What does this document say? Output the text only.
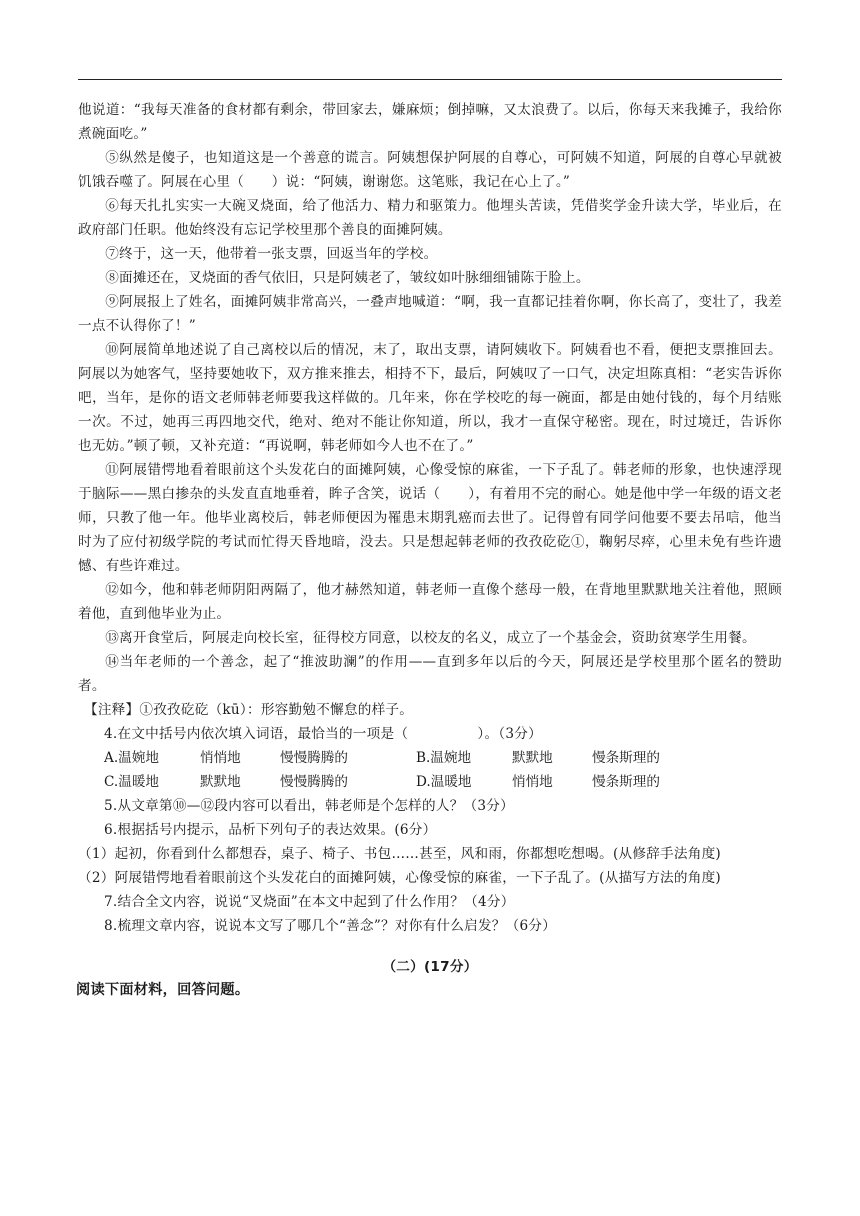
他说道：“我每天准备的食材都有剩余，带回家去，嫌麻烦；倒掉嘛，又太浪费了。以后，你每天来我摊子，我给你煮碗面吃。”

⑤纵然是傻子，也知道这是一个善意的谎言。阿姨想保护阿展的自尊心，可阿姨不知道，阿展的自尊心早就被饥饿吞噬了。阿展在心里（　　）说：“阿姨，谢谢您。这笔账，我记在心上了。”

⑥每天扎扎实实一大碗叉烧面，给了他活力、精力和驱策力。他埋头苦读，凭借奖学金升读大学，毕业后，在政府部门任职。他始终没有忘记学校里那个善良的面摊阿姨。

⑦终于，这一天，他带着一张支票，回返当年的学校。

⑧面摊还在，叉烧面的香气依旧，只是阿姨老了，皱纹如叶脉细细铺陈于脸上。

⑨阿展报上了姓名，面摊阿姨非常高兴，一叠声地喊道：“啊，我一直都记挂着你啊，你长高了，变壮了，我差一点不认得你了！”

⑩阿展简单地述说了自己离校以后的情况，末了，取出支票，请阿姨收下。阿姨看也不看，便把支票推回去。阿展以为她客气，坚持要她收下，双方推来推去，相持不下，最后，阿姨叹了一口气，决定坦陈真相：“老实告诉你吧，当年，是你的语文老师韩老师要我这样做的。几年来，你在学校吃的每一碗面，都是由她付钱的，每个月结账一次。不过，她再三再四地交代，绝对、绝对不能让你知道，所以，我才一直保守秘密。现在，时过境迁，告诉你也无妨。”顿了顿，又补充道：“再说啊，韩老师如今人也不在了。”

⑪阿展错愕地看着眼前这个头发花白的面摊阿姨，心像受惊的麻雀，一下子乱了。韩老师的形象，也快速浮现于脑际——黑白掺杂的头发直直地垂着，眸子含笑，说话（　　），有着用不完的耐心。她是他中学一年级的语文老师，只教了他一年。他毕业离校后，韩老师便因为罹患末期乳癌而去世了。记得曾有同学问他要不要去吊唁，他当时为了应付初级学院的考试而忙得天昏地暗，没去。只是想起韩老师的孜孜矻矻①，鞠躬尽瘁，心里未免有些许遗憾、有些许难过。

⑫如今，他和韩老师阴阳两隔了，他才赫然知道，韩老师一直像个慈母一般，在背地里默默地关注着他，照顾着他，直到他毕业为止。

⑬离开食堂后，阿展走向校长室，征得校方同意，以校友的名义，成立了一个基金会，资助贫寒学生用餐。

⑭当年老师的一个善念，起了“推波助澜”的作用——直到多年以后的今天，阿展还是学校里那个匿名的赞助者。

【注释】①孜孜矻矻（kū）：形容勤勉不懈怠的样子。

4.在文中括号内依次填入词语，最恰当的一项是（　　　　　）。（3分）

A.温婉地	悄悄地	慢慢腾腾的	B.温婉地	默默地	慢条斯理的
C.温暖地	默默地	慢慢腾腾的	D.温暖地	悄悄地	慢条斯理的

5.从文章第⑩—⑫段内容可以看出，韩老师是个怎样的人？（3分）

6.根据括号内提示，品析下列句子的表达效果。(6分）

（1）起初，你看到什么都想吞，桌子、椅子、书包……甚至，风和雨，你都想吃想喝。(从修辞手法角度)

（2）阿展错愕地看着眼前这个头发花白的面摊阿姨，心像受惊的麻雀，一下子乱了。(从描写方法的角度)

7.结合全文内容，说说“叉烧面”在本文中起到了什么作用？（4分）

8.梳理文章内容，说说本文写了哪几个“善念”？对你有什么启发？（6分）

（二）(17分）

阅读下面材料，回答问题。
